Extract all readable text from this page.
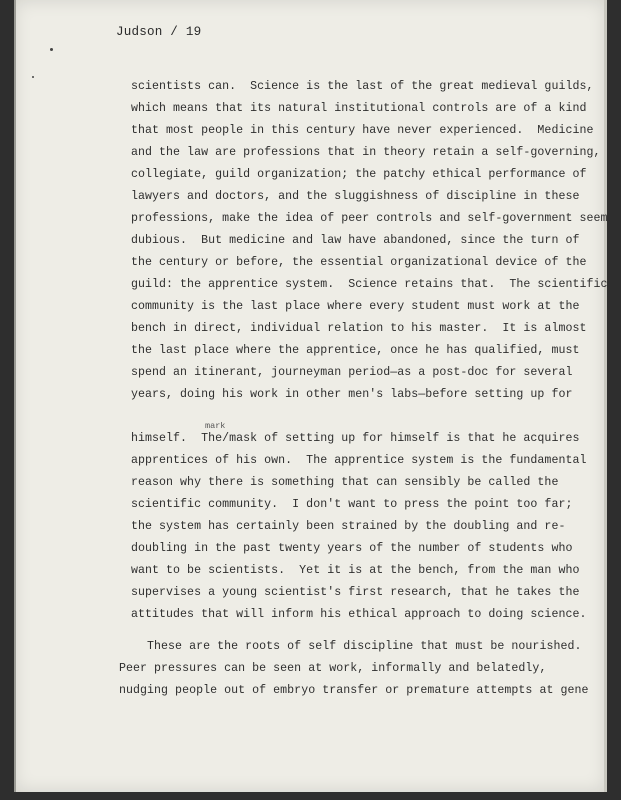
Judson / 19
scientists can.  Science is the last of the great medieval guilds,
which means that its natural institutional controls are of a kind
that most people in this century have never experienced.  Medicine
and the law are professions that in theory retain a self-governing,
collegiate, guild organization; the patchy ethical performance of
lawyers and doctors, and the sluggishness of discipline in these
professions, make the idea of peer controls and self-government seem
dubious.  But medicine and law have abandoned, since the turn of
the century or before, the essential organizational device of the
guild: the apprentice system.  Science retains that.  The scientific
community is the last place where every student must work at the
bench in direct, individual relation to his master.  It is almost
the last place where the apprentice, once he has qualified, must
spend an itinerant, journeyman period—as a post-doc for several
years, doing his work in other men's labs—before setting up for
mark
himself.  The/mask of setting up for himself is that he acquires
apprentices of his own.  The apprentice system is the fundamental
reason why there is something that can sensibly be called the
scientific community.  I don't want to press the point too far;
the system has certainly been strained by the doubling and re-
doubling in the past twenty years of the number of students who
want to be scientists.  Yet it is at the bench, from the man who
supervises a young scientist's first research, that he takes the
attitudes that will inform his ethical approach to doing science.
These are the roots of self discipline that must be nourished.
Peer pressures can be seen at work, informally and belatedly,
nudging people out of embryo transfer or premature attempts at gene
